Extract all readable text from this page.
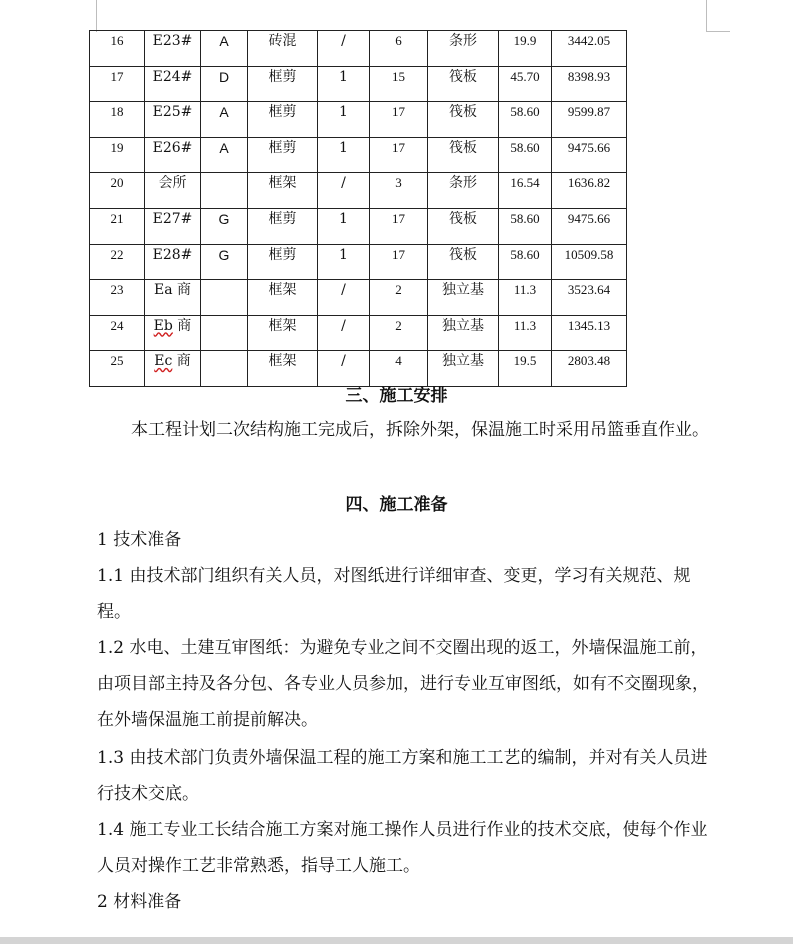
16	E23#	A	砖混	/	6	条形	19.9	3442.05
17	E24#	D	框剪	1	15	筏板	45.70	8398.93
18	E25#	A	框剪	1	17	筏板	58.60	9599.87
19	E26#	A	框剪	1	17	筏板	58.60	9475.66
20	会所		框架	/	3	条形	16.54	1636.82
21	E27#	G	框剪	1	17	筏板	58.60	9475.66
22	E28#	G	框剪	1	17	筏板	58.60	10509.58
23	Ea 商		框架	/	2	独立基	11.3	3523.64
24	Eb 商		框架	/	2	独立基	11.3	1345.13
25	Ec 商		框架	/	4	独立基	19.5	2803.48
三、施工安排

本工程计划二次结构施工完成后，拆除外架，保温施工时采用吊篮垂直作业。

四、施工准备

1 技术准备

1.1 由技术部门组织有关人员，对图纸进行详细审查、变更，学习有关规范、规程。

1.2 水电、土建互审图纸：为避免专业之间不交圈出现的返工，外墙保温施工前，由项目部主持及各分包、各专业人员参加，进行专业互审图纸，如有不交圈现象，在外墙保温施工前提前解决。

1.3 由技术部门负责外墙保温工程的施工方案和施工工艺的编制，并对有关人员进行技术交底。

1.4 施工专业工长结合施工方案对施工操作人员进行作业的技术交底，使每个作业人员对操作工艺非常熟悉，指导工人施工。

2 材料准备
